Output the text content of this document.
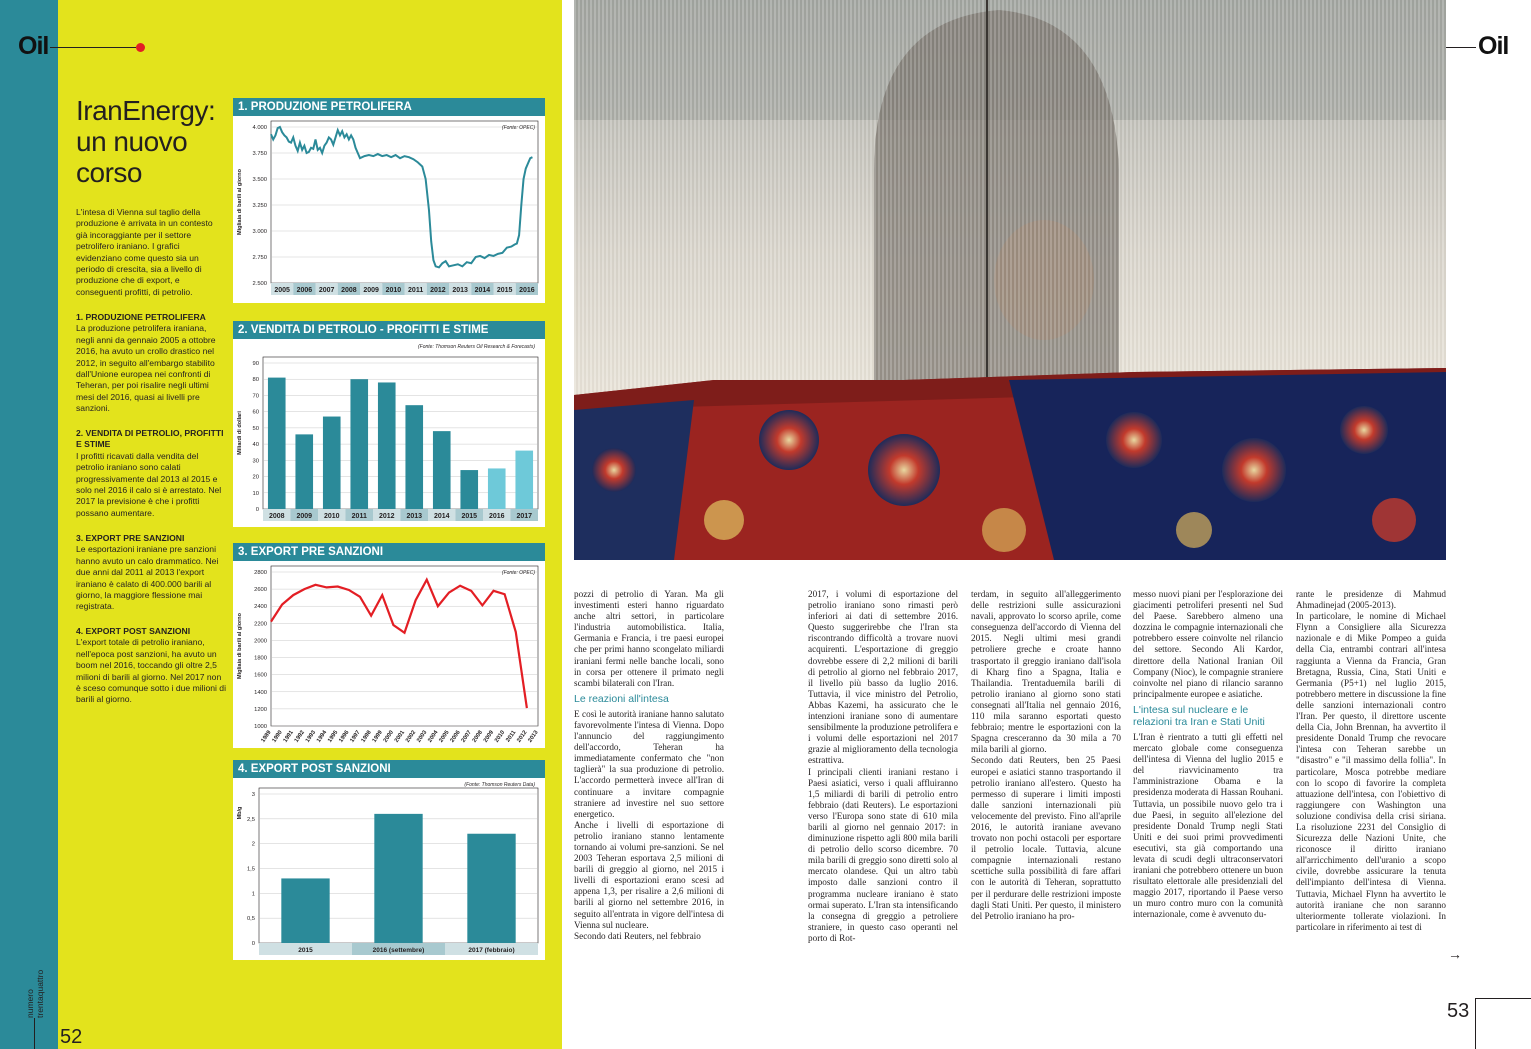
Oil
IranEnergy:
un nuovo
corso
L'intesa di Vienna sul taglio della produzione è arrivata in un contesto già incoraggiante per il settore petrolifero iraniano. I grafici evidenziano come questo sia un periodo di crescita, sia a livello di produzione che di export, e conseguenti profitti, di petrolio.
1. PRODUZIONE PETROLIFERA
La produzione petrolifera iraniana, negli anni da gennaio 2005 a ottobre 2016, ha avuto un crollo drastico nel 2012, in seguito all'embargo stabilito dall'Unione europea nei confronti di Teheran, per poi risalire negli ultimi mesi del 2016, quasi ai livelli pre sanzioni.
2. VENDITA DI PETROLIO, PROFITTI E STIME
I profitti ricavati dalla vendita del petrolio iraniano sono calati progressivamente dal 2013 al 2015 e solo nel 2016 il calo si è arrestato. Nel 2017 la previsione è che i profitti possano aumentare.
3. EXPORT PRE SANZIONI
Le esportazioni iraniane pre sanzioni hanno avuto un calo drammatico. Nei due anni dal 2011 al 2013 l'export iraniano è calato di 400.000 barili al giorno, la maggiore flessione mai registrata.
4. EXPORT POST SANZIONI
L'export totale di petrolio iraniano, nell'epoca post sanzioni, ha avuto un boom nel 2016, toccando gli oltre 2,5 milioni di barili al giorno. Nel 2017 non è sceso comunque sotto i due milioni di barili al giorno.
1. PRODUZIONE PETROLIFERA
2.500
2.750
3.000
3.250
3.500
3.750
4.000
2005 2006 2007 2008 2009 2010 2011 2012 2013 2014 2015 2016
(Fonte: OPEC)
Migliaia di barili al giorno
2. VENDITA DI PETROLIO - PROFITTI E STIME
0
10
20
30
40
50
60
70
80
90
2008 2009 2010 2011 2012 2013 2014 2015 2016 2017
(Fonte: Thomson Reuters Oil Research & Forecasts)
Miliardi di dollari
3. EXPORT PRE SANZIONI
1000
1200
1400
1600
1800
2000
2200
2400
2600
2800
1989
1990
1991
1992
1993
1994
1995
1996
1997
1998
1999
2000
2001
2002
2003
2004
2005
2006
2007
2008
2009
2010
2011
2012
2013
(Fonte: OPEC)
Migliaia di barili al giorno
4. EXPORT POST SANZIONI
0
0,5
1
1,5
2
2,5
3
2015	2016 (settembre)	2017 (febbraio)
(Fonte: Thomson Reuters Data)
Mb/g
numero trentaquattro
52
Oil

pozzi di petrolio di Yaran. Ma gli investimenti esteri hanno riguardato anche altri settori, in particolare l'industria automobilistica. Italia, Germania e Francia, i tre paesi europei che per primi hanno scongelato miliardi iraniani fermi nelle banche locali, sono in corsa per ottenere il primato negli scambi bilaterali con l'Iran.

Le reazioni all'intesa

E così le autorità iraniane hanno salutato favorevolmente l'intesa di Vienna. Dopo l'annuncio del raggiungimento dell'accordo, Teheran ha immediatamente confermato che "non taglierà" la sua produzione di petrolio. L'accordo permetterà invece all'Iran di continuare a invitare compagnie straniere ad investire nel suo settore energetico.

Anche i livelli di esportazione di petrolio iraniano stanno lentamente tornando ai volumi pre-sanzioni. Se nel 2003 Teheran esportava 2,5 milioni di barili di greggio al giorno, nel 2015 i livelli di esportazioni erano scesi ad appena 1,3, per risalire a 2,6 milioni di barili al giorno nel settembre 2016, in seguito all'entrata in vigore dell'intesa di Vienna sul nucleare.

Secondo dati Reuters, nel febbraio

2017, i volumi di esportazione del petrolio iraniano sono rimasti però inferiori ai dati di settembre 2016. Questo suggerirebbe che l'Iran sta riscontrando difficoltà a trovare nuovi acquirenti. L'esportazione di greggio dovrebbe essere di 2,2 milioni di barili di petrolio al giorno nel febbraio 2017, il livello più basso da luglio 2016. Tuttavia, il vice ministro del Petrolio, Abbas Kazemi, ha assicurato che le intenzioni iraniane sono di aumentare sensibilmente la produzione petrolifera e i volumi delle esportazioni nel 2017 grazie al miglioramento della tecnologia estrattiva.

I principali clienti iraniani restano i Paesi asiatici, verso i quali affluiranno 1,5 miliardi di barili di petrolio entro febbraio (dati Reuters). Le esportazioni verso l'Europa sono state di 610 mila barili al giorno nel gennaio 2017: in diminuzione rispetto agli 800 mila barili di petrolio dello scorso dicembre. 70 mila barili di greggio sono diretti solo al mercato olandese. Qui un altro tabù imposto dalle sanzioni contro il programma nucleare iraniano è stato ormai superato. L'Iran sta intensificando la consegna di greggio a petroliere straniere, in questo caso operanti nel porto di Rot-

terdam, in seguito all'alleggerimento delle restrizioni sulle assicurazioni navali, approvato lo scorso aprile, come conseguenza dell'accordo di Vienna del 2015. Negli ultimi mesi grandi petroliere greche e croate hanno trasportato il greggio iraniano dall'isola di Kharg fino a Spagna, Italia e Thailandia. Trentaduemila barili di petrolio iraniano al giorno sono stati consegnati all'Italia nel gennaio 2016, 110 mila saranno esportati questo febbraio; mentre le esportazioni con la Spagna cresceranno da 30 mila a 70 mila barili al giorno.

Secondo dati Reuters, ben 25 Paesi europei e asiatici stanno trasportando il petrolio iraniano all'estero. Questo ha permesso di superare i limiti imposti dalle sanzioni internazionali più velocemente del previsto. Fino all'aprile 2016, le autorità iraniane avevano trovato non pochi ostacoli per esportare il petrolio locale. Tuttavia, alcune compagnie internazionali restano scettiche sulla possibilità di fare affari con le autorità di Teheran, soprattutto per il perdurare delle restrizioni imposte dagli Stati Uniti. Per questo, il ministero del Petrolio iraniano ha pro-

messo nuovi piani per l'esplorazione dei giacimenti petroliferi presenti nel Sud del Paese. Sarebbero almeno una dozzina le compagnie internazionali che potrebbero essere coinvolte nel rilancio del settore. Secondo Ali Kardor, direttore della National Iranian Oil Company (Nioc), le compagnie straniere coinvolte nel piano di rilancio saranno principalmente europee e asiatiche.

L'intesa sul nucleare e le relazioni tra Iran e Stati Uniti

L'Iran è rientrato a tutti gli effetti nel mercato globale come conseguenza dell'intesa di Vienna del luglio 2015 e del riavvicinamento tra l'amministrazione Obama e la presidenza moderata di Hassan Rouhani. Tuttavia, un possibile nuovo gelo tra i due Paesi, in seguito all'elezione del presidente Donald Trump negli Stati Uniti e dei suoi primi provvedimenti esecutivi, sta già comportando una levata di scudi degli ultraconservatori iraniani che potrebbero ottenere un buon risultato elettorale alle presidenziali del maggio 2017, riportando il Paese verso un muro contro muro con la comunità internazionale, come è avvenuto du-

rante le presidenze di Mahmud Ahmadinejad (2005-2013).

In particolare, le nomine di Michael Flynn a Consigliere alla Sicurezza nazionale e di Mike Pompeo a guida della Cia, entrambi contrari all'intesa raggiunta a Vienna da Francia, Gran Bretagna, Russia, Cina, Stati Uniti e Germania (P5+1) nel luglio 2015, potrebbero mettere in discussione la fine delle sanzioni internazionali contro l'Iran. Per questo, il direttore uscente della Cia, John Brennan, ha avvertito il presidente Donald Trump che revocare l'intesa con Teheran sarebbe un "disastro" e "il massimo della follia". In particolare, Mosca potrebbe mediare con lo scopo di favorire la completa attuazione dell'intesa, con l'obiettivo di raggiungere con Washington una soluzione condivisa della crisi siriana. La risoluzione 2231 del Consiglio di Sicurezza delle Nazioni Unite, che riconosce il diritto iraniano all'arricchimento dell'uranio a scopo civile, dovrebbe assicurare la tenuta dell'impianto dell'intesa di Vienna. Tuttavia, Michael Flynn ha avvertito le autorità iraniane che non saranno ulteriormente tollerate violazioni. In particolare in riferimento ai test di

→
53
